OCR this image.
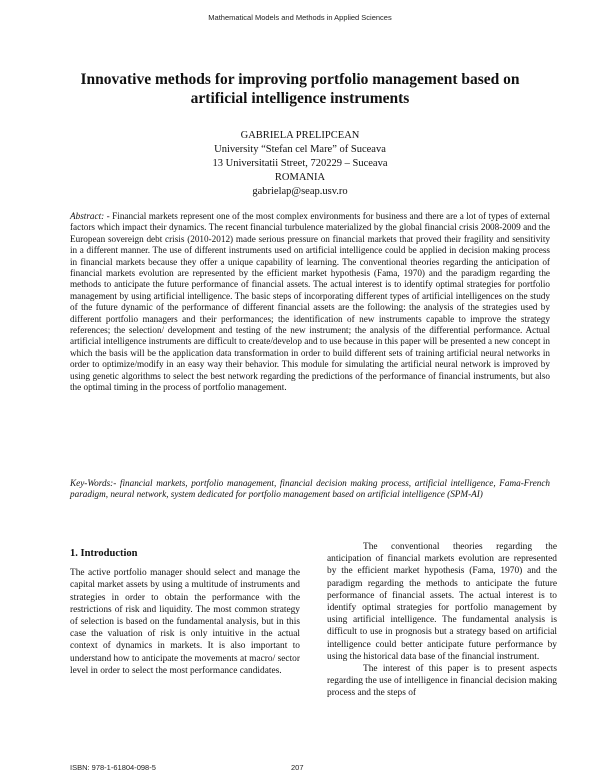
Mathematical Models and Methods in Applied Sciences
Innovative methods for improving portfolio management based on artificial intelligence instruments
GABRIELA PRELIPCEAN
University “Stefan cel Mare” of Suceava
13 Universitatii Street, 720229 – Suceava
ROMANIA
gabrielap@seap.usv.ro

Abstract: - Financial markets represent one of the most complex environments for business and there are a lot of types of external factors which impact their dynamics. The recent financial turbulence materialized by the global financial crisis 2008-2009 and the European sovereign debt crisis (2010-2012) made serious pressure on financial markets that proved their fragility and sensitivity in a different manner. The use of different instruments used on artificial intelligence could be applied in decision making process in financial markets because they offer a unique capability of learning. The conventional theories regarding the anticipation of financial markets evolution are represented by the efficient market hypothesis (Fama, 1970) and the paradigm regarding the methods to anticipate the future performance of financial assets. The actual interest is to identify optimal strategies for portfolio management by using artificial intelligence. The basic steps of incorporating different types of artificial intelligences on the study of the future dynamic of the performance of different financial assets are the following: the analysis of the strategies used by different portfolio managers and their performances; the identification of new instruments capable to improve the strategy references; the selection/ development and testing of the new instrument; the analysis of the differential performance. Actual artificial intelligence instruments are difficult to create/develop and to use because in this paper will be presented a new concept in which the basis will be the application data transformation in order to build different sets of training artificial neural networks in order to optimize/modify in an easy way their behavior. This module for simulating the artificial neural network is improved by using genetic algorithms to select the best network regarding the predictions of the performance of financial instruments, but also the optimal timing in the process of portfolio management.

Key-Words:- financial markets, portfolio management, financial decision making process, artificial intelligence, Fama-French paradigm, neural network, system dedicated for portfolio management based on artificial intelligence (SPM-AI)

1. Introduction

The active portfolio manager should select and manage the capital market assets by using a multitude of instruments and strategies in order to obtain the performance with the restrictions of risk and liquidity. The most common strategy of selection is based on the fundamental analysis, but in this case the valuation of risk is only intuitive in the actual context of dynamics in markets. It is also important to understand how to anticipate the movements at macro/ sector level in order to select the most performance candidates.

The conventional theories regarding the anticipation of financial markets evolution are represented by the efficient market hypothesis (Fama, 1970) and the paradigm regarding the methods to anticipate the future performance of financial assets. The actual interest is to identify optimal strategies for portfolio management by using artificial intelligence. The fundamental analysis is difficult to use in prognosis but a strategy based on artificial intelligence could better anticipate future performance by using the historical data base of the financial instrument.

The interest of this paper is to present aspects regarding the use of intelligence in financial decision making process and the steps of

ISBN: 978-1-61804-098-5	207
